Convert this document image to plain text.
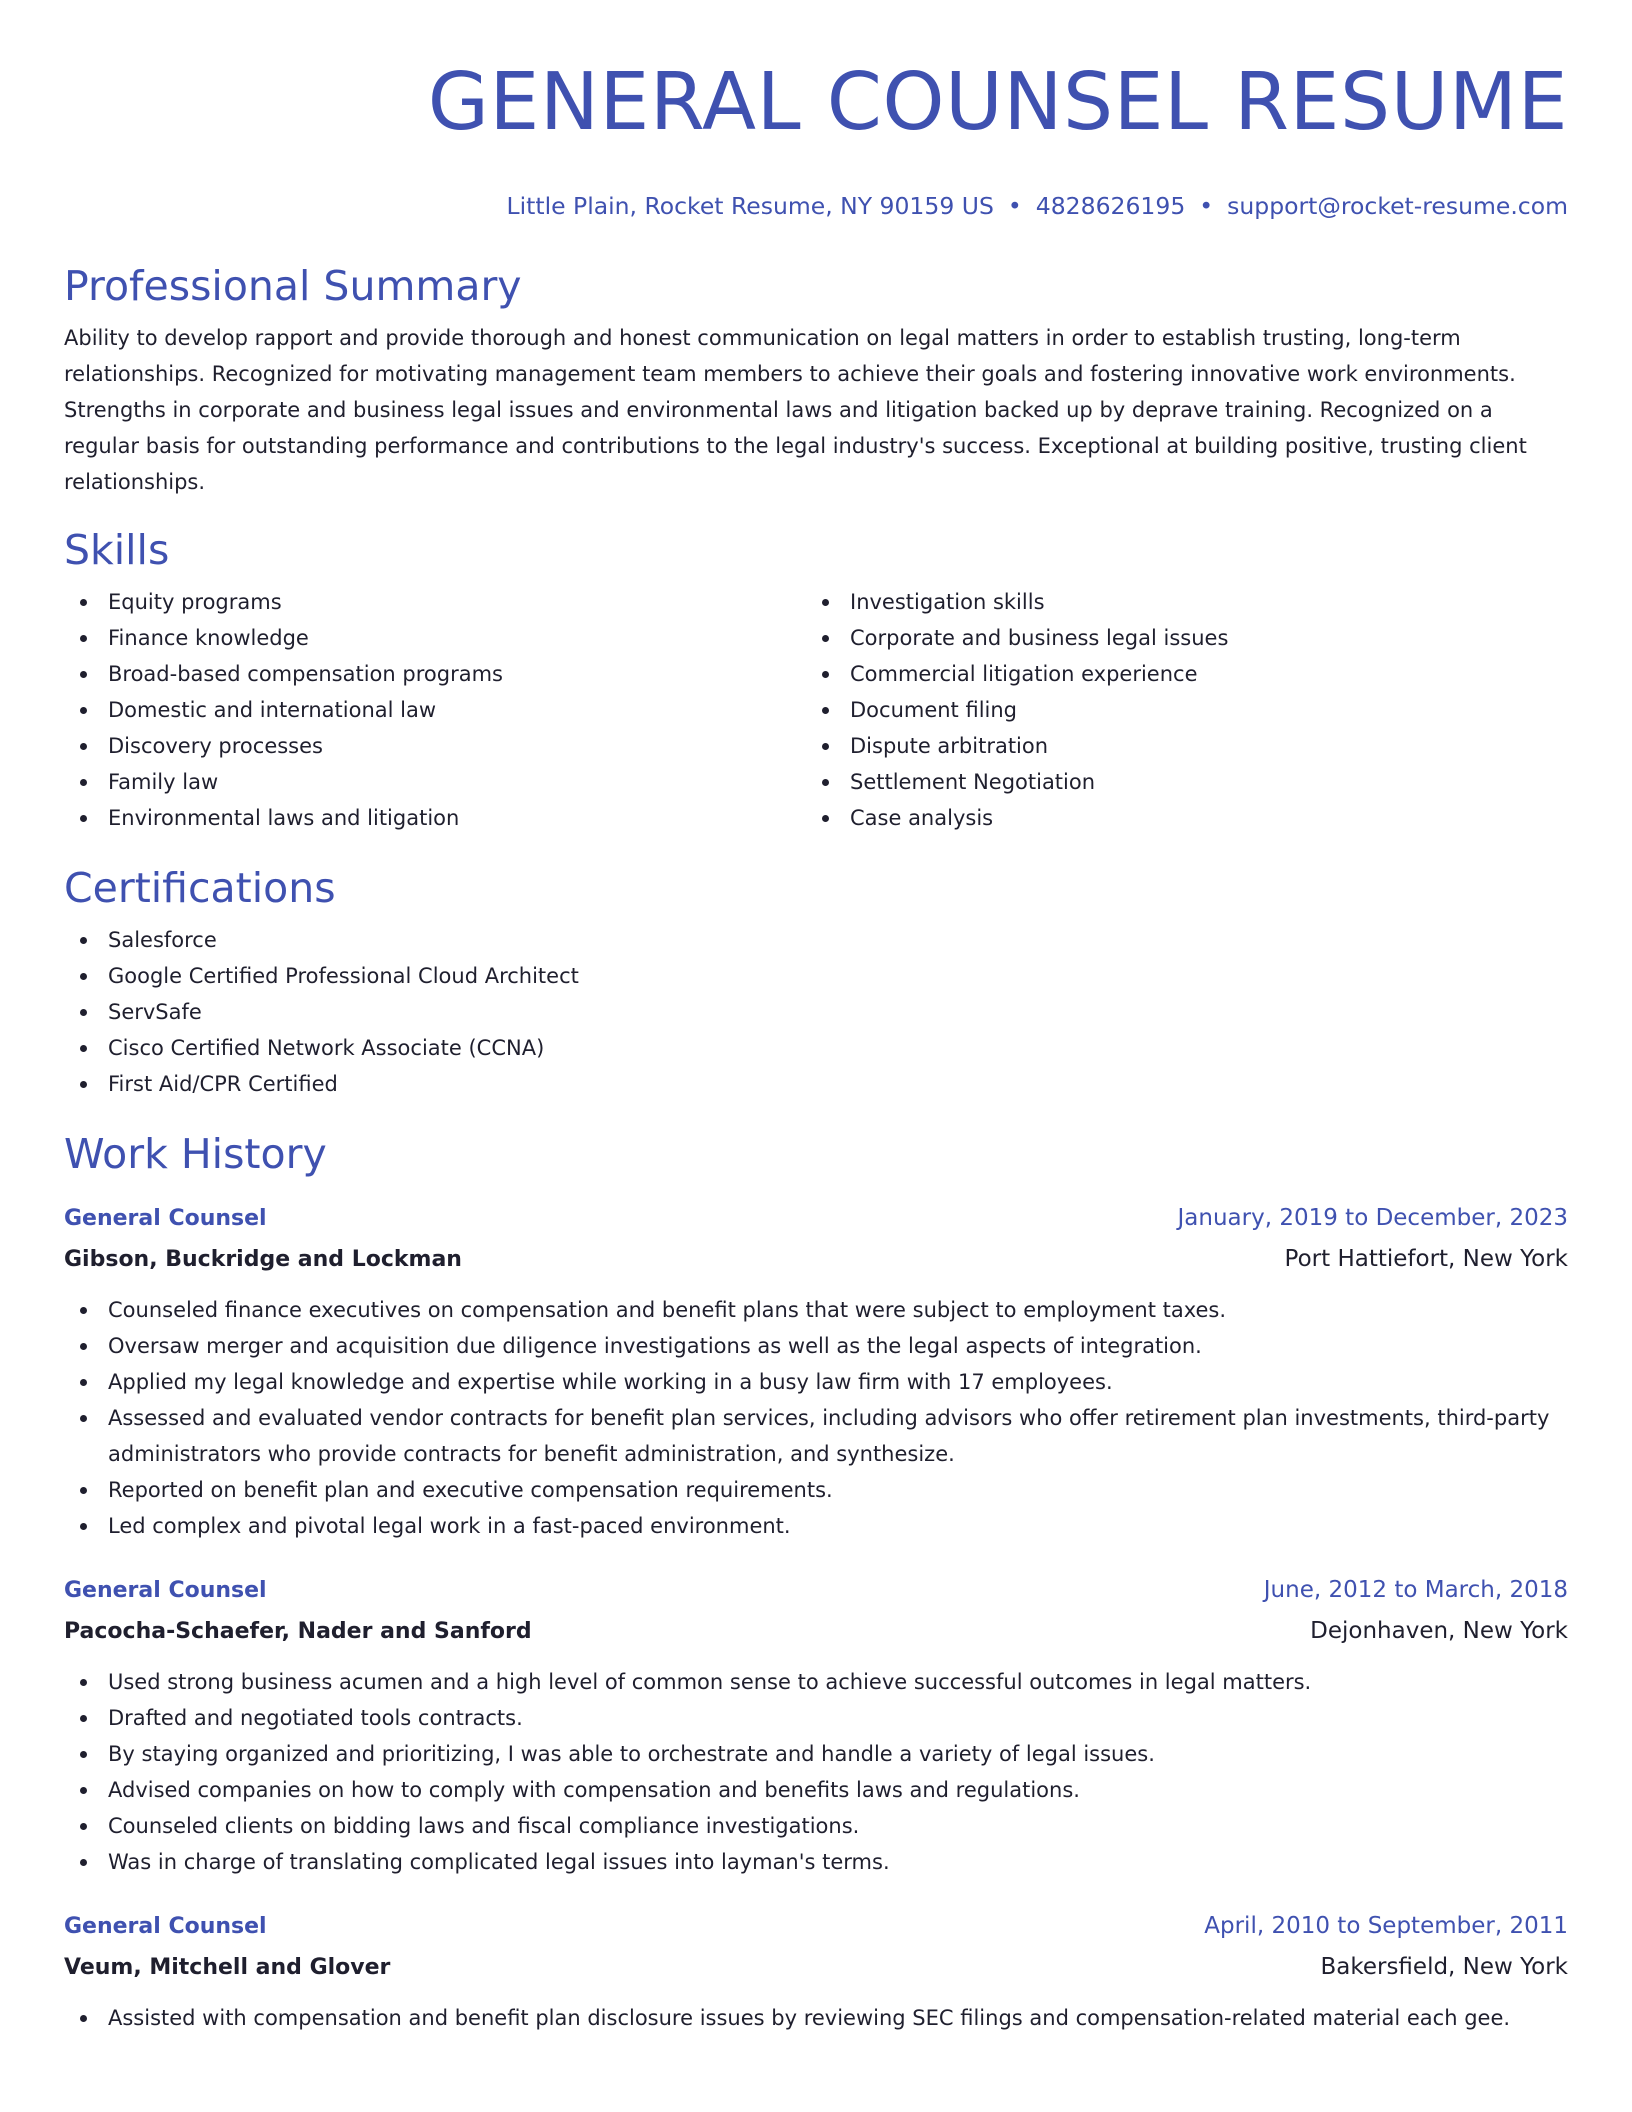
GENERAL COUNSEL RESUME
Little Plain, Rocket Resume, NY 90159 US • 4828626195 • support@rocket-resume.com
Professional Summary
Ability to develop rapport and provide thorough and honest communication on legal matters in order to establish trusting, long-term relationships. Recognized for motivating management team members to achieve their goals and fostering innovative work environments. Strengths in corporate and business legal issues and environmental laws and litigation backed up by deprave training. Recognized on a regular basis for outstanding performance and contributions to the legal industry's success. Exceptional at building positive, trusting client relationships.
Skills
Equity programs
Finance knowledge
Broad-based compensation programs
Domestic and international law
Discovery processes
Family law
Environmental laws and litigation
Investigation skills
Corporate and business legal issues
Commercial litigation experience
Document filing
Dispute arbitration
Settlement Negotiation
Case analysis
Certifications
Salesforce
Google Certified Professional Cloud Architect
ServSafe
Cisco Certified Network Associate (CCNA)
First Aid/CPR Certified
Work History
General Counsel	January, 2019 to December, 2023
Gibson, Buckridge and Lockman	Port Hattiefort, New York
Counseled finance executives on compensation and benefit plans that were subject to employment taxes.
Oversaw merger and acquisition due diligence investigations as well as the legal aspects of integration.
Applied my legal knowledge and expertise while working in a busy law firm with 17 employees.
Assessed and evaluated vendor contracts for benefit plan services, including advisors who offer retirement plan investments, third-party administrators who provide contracts for benefit administration, and synthesize.
Reported on benefit plan and executive compensation requirements.
Led complex and pivotal legal work in a fast-paced environment.
General Counsel	June, 2012 to March, 2018
Pacocha-Schaefer, Nader and Sanford	Dejonhaven, New York
Used strong business acumen and a high level of common sense to achieve successful outcomes in legal matters.
Drafted and negotiated tools contracts.
By staying organized and prioritizing, I was able to orchestrate and handle a variety of legal issues.
Advised companies on how to comply with compensation and benefits laws and regulations.
Counseled clients on bidding laws and fiscal compliance investigations.
Was in charge of translating complicated legal issues into layman's terms.
General Counsel	April, 2010 to September, 2011
Veum, Mitchell and Glover	Bakersfield, New York
Assisted with compensation and benefit plan disclosure issues by reviewing SEC filings and compensation-related material each gee.
